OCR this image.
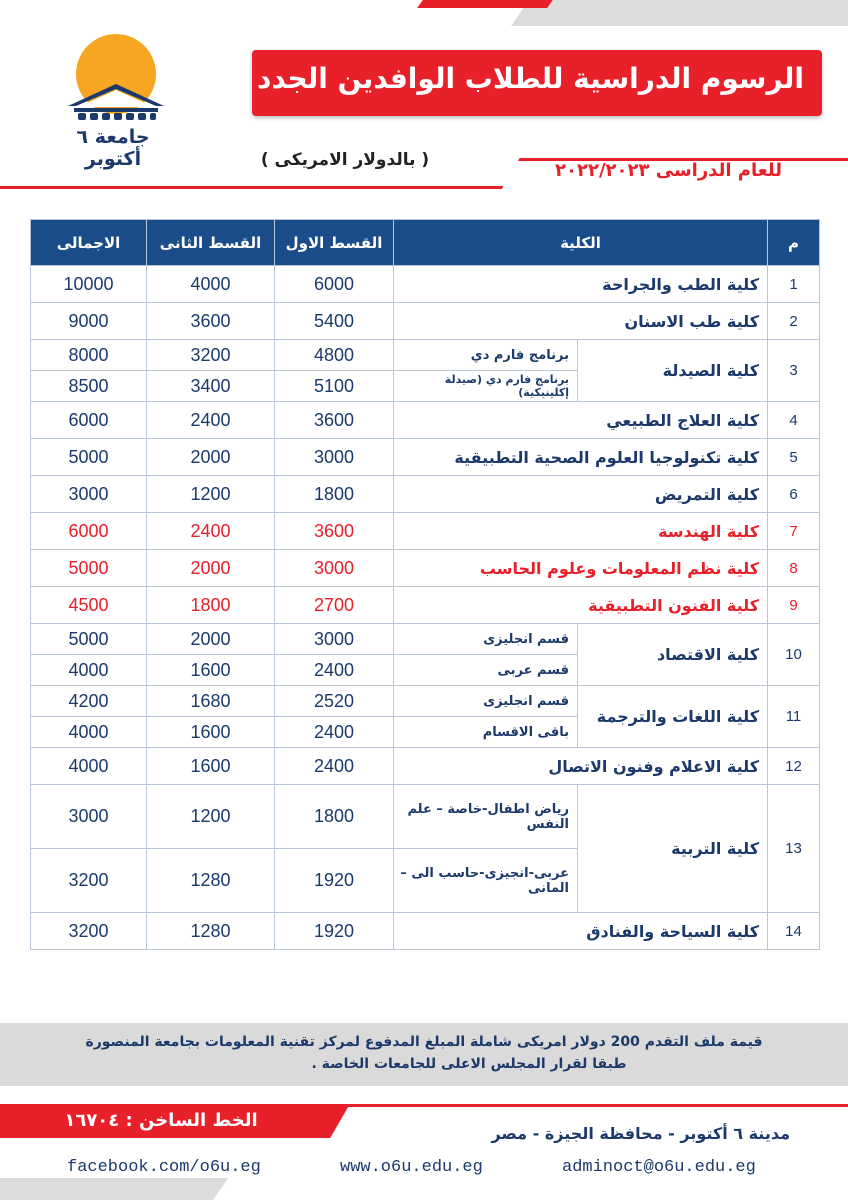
جامعة ٦ أكتوبر
الرسوم الدراسية للطلاب الوافدين الجدد
( بالدولار الامريكى )	للعام الدراسى ٢٠٢٢/٢٠٢٣
م	الكلية		القسط الاول	القسط الثانى	الاجمالى
1	كلية الطب والجراحة		6000	4000	10000
2	كلية طب الاسنان		5400	3600	9000
3	كلية الصيدلة	برنامج فارم دي	4800	3200	8000
		برنامج فارم دي (صيدلة إكلينيكية)	5100	3400	8500
4	كلية العلاج الطبيعي		3600	2400	6000
5	كلية تكنولوجيا العلوم الصحية التطبيقية		3000	2000	5000
6	كلية التمريض		1800	1200	3000
7	كلية الهندسة		3600	2400	6000
8	كلية نظم المعلومات وعلوم الحاسب		3000	2000	5000
9	كلية الفنون التطبيقية		2700	1800	4500
10	كلية الاقتصاد	قسم انجليزى	3000	2000	5000
		قسم عربى	2400	1600	4000
11	كلية اللغات والترجمة	قسم انجليزى	2520	1680	4200
		باقى الاقسام	2400	1600	4000
12	كلية الاعلام وفنون الاتصال		2400	1600	4000
13	كلية التربية	رياض اطفال-خاصة – علم النفس	1800	1200	3000
		عربى-انجيزى-حاسب الى – المانى	1920	1280	3200
14	كلية السياحة والفنادق		1920	1280	3200
قيمة ملف التقدم 200 دولار امريكى شاملة المبلغ المدفوع لمركز تقنية المعلومات بجامعة المنصورة
طبقا لقرار المجلس الاعلى للجامعات الخاصة .
الخط الساخن : ١٦٧٠٤
مدينة ٦ أكتوبر - محافظة الجيزة - مصر
facebook.com/o6u.eg	www.o6u.edu.eg	adminoct@o6u.edu.eg
